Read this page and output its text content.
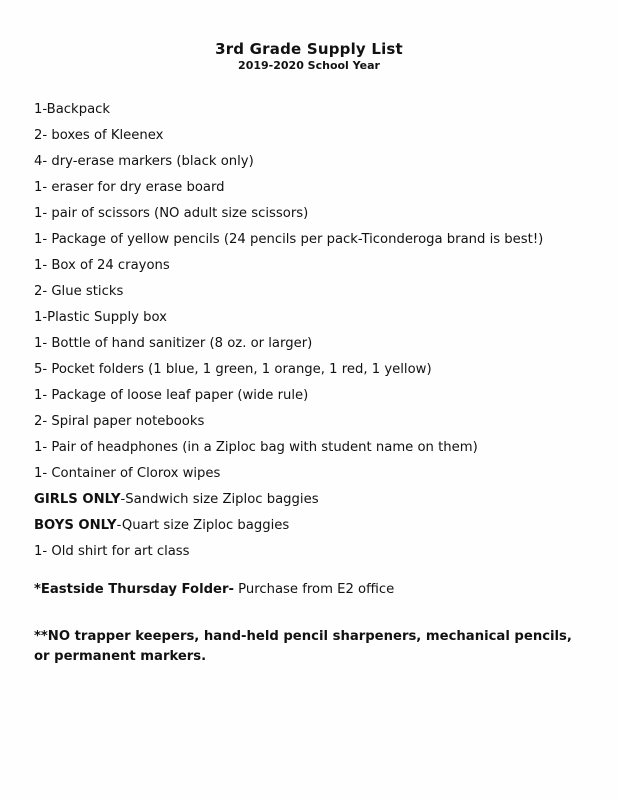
3rd Grade Supply List
2019-2020 School Year
1-Backpack
2- boxes of Kleenex
4- dry-erase markers (black only)
1- eraser for dry erase board
1- pair of scissors (NO adult size scissors)
1- Package of yellow pencils (24 pencils per pack-Ticonderoga brand is best!)
1- Box of 24 crayons
2- Glue sticks
1-Plastic Supply box
1- Bottle of hand sanitizer (8 oz. or larger)
5- Pocket folders (1 blue, 1 green, 1 orange, 1 red, 1 yellow)
1- Package of loose leaf paper (wide rule)
2- Spiral paper notebooks
1- Pair of headphones (in a Ziploc bag with student name on them)
1- Container of Clorox wipes
GIRLS ONLY-Sandwich size Ziploc baggies
BOYS ONLY-Quart size Ziploc baggies
1- Old shirt for art class
*Eastside Thursday Folder- Purchase from E2 office
**NO trapper keepers, hand-held pencil sharpeners, mechanical pencils, or permanent markers.
